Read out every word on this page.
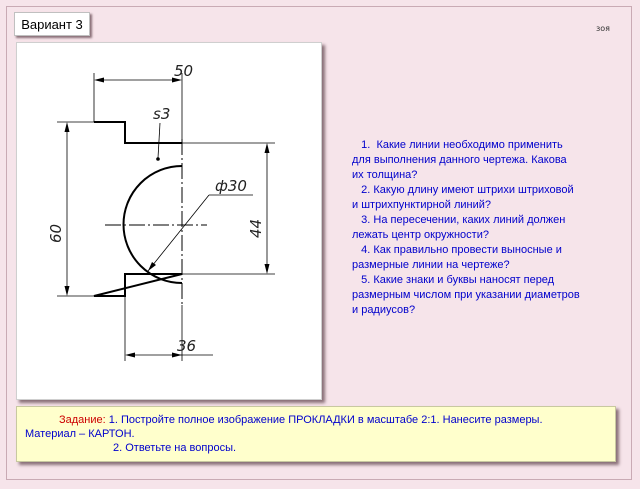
Вариант 3	зоя
50
s3
ф30
60	44
36
1.  Какие линии необходимо применить
для выполнения данного чертежа. Какова
их толщина?
2. Какую длину имеют штрихи штриховой
и штрихпунктирной линий?
3. На пересечении, каких линий должен
лежать центр окружности?
4. Как правильно провести выносные и
размерные линии на чертеже?
5. Какие знаки и буквы наносят перед
размерным числом при указании диаметров
и радиусов?
Задание: 1. Постройте полное изображение ПРОКЛАДКИ в масштабе 2:1. Нанесите размеры.
Материал – КАРТОН.
2. Ответьте на вопросы.
